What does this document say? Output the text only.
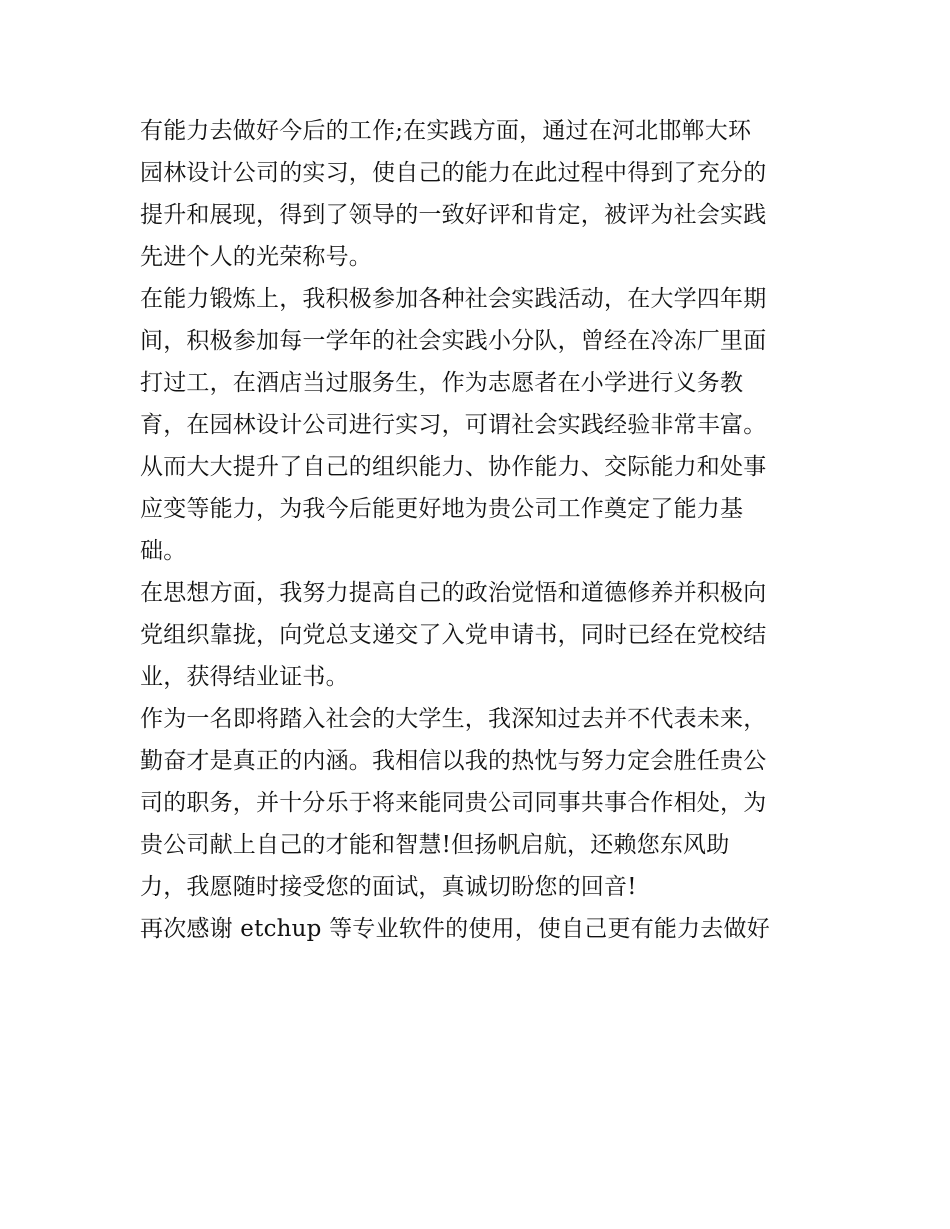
有能力去做好今后的工作;在实践方面，通过在河北邯郸大环
园林设计公司的实习，使自己的能力在此过程中得到了充分的
提升和展现，得到了领导的一致好评和肯定，被评为社会实践
先进个人的光荣称号。
在能力锻炼上，我积极参加各种社会实践活动，在大学四年期
间，积极参加每一学年的社会实践小分队，曾经在冷冻厂里面
打过工，在酒店当过服务生，作为志愿者在小学进行义务教
育，在园林设计公司进行实习，可谓社会实践经验非常丰富。
从而大大提升了自己的组织能力、协作能力、交际能力和处事
应变等能力，为我今后能更好地为贵公司工作奠定了能力基
础。
在思想方面，我努力提高自己的政治觉悟和道德修养并积极向
党组织靠拢，向党总支递交了入党申请书，同时已经在党校结
业，获得结业证书。
作为一名即将踏入社会的大学生，我深知过去并不代表未来，
勤奋才是真正的内涵。我相信以我的热忱与努力定会胜任贵公
司的职务，并十分乐于将来能同贵公司同事共事合作相处，为
贵公司献上自己的才能和智慧!但扬帆启航，还赖您东风助
力，我愿随时接受您的面试，真诚切盼您的回音!
再次感谢 etchup 等专业软件的使用，使自己更有能力去做好
